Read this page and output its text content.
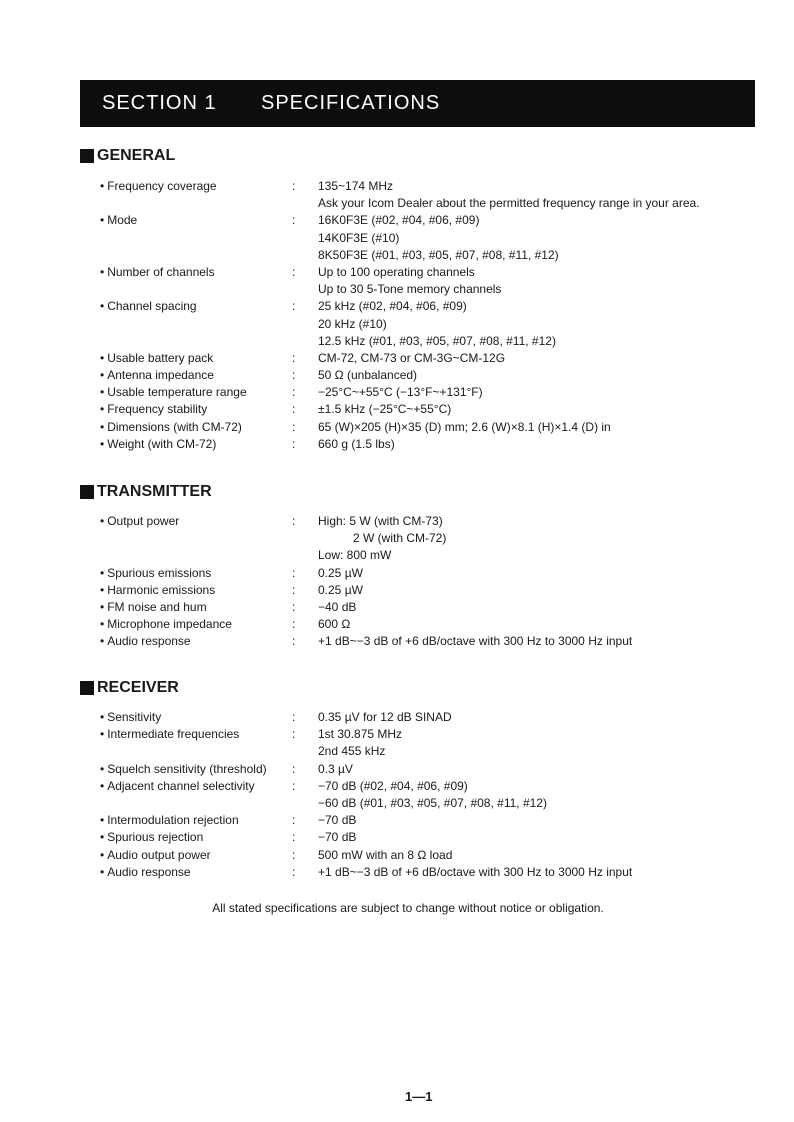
SECTION 1 SPECIFICATIONS
GENERAL
• Frequency coverage	: 135~174 MHz
Ask your Icom Dealer about the permitted frequency range in your area.
• Mode	: 16K0F3E (#02, #04, #06, #09)
14K0F3E (#10)
8K50F3E (#01, #03, #05, #07, #08, #11, #12)
• Number of channels	: Up to 100 operating channels
Up to 30 5-Tone memory channels
• Channel spacing	: 25 kHz (#02, #04, #06, #09)
20 kHz (#10)
12.5 kHz (#01, #03, #05, #07, #08, #11, #12)
• Usable battery pack	: CM-72, CM-73 or CM-3G~CM-12G
• Antenna impedance	: 50 Ω (unbalanced)
• Usable temperature range	: −25°C~+55°C (−13°F~+131°F)
• Frequency stability	: ±1.5 kHz (−25°C~+55°C)
• Dimensions (with CM-72)	: 65 (W)×205 (H)×35 (D) mm; 2.6 (W)×8.1 (H)×1.4 (D) in
• Weight (with CM-72)	: 660 g (1.5 lbs)
TRANSMITTER
• Output power	: High: 5 W (with CM-73)
2 W (with CM-72)
Low: 800 mW
• Spurious emissions	: 0.25 µW
• Harmonic emissions	: 0.25 µW
• FM noise and hum	: −40 dB
• Microphone impedance	: 600 Ω
• Audio response	: +1 dB~−3 dB of +6 dB/octave with 300 Hz to 3000 Hz input
RECEIVER
• Sensitivity	: 0.35 µV for 12 dB SINAD
• Intermediate frequencies	: 1st 30.875 MHz
2nd 455 kHz
• Squelch sensitivity (threshold) : 0.3 µV
• Adjacent channel selectivity	: −70 dB (#02, #04, #06, #09)
−60 dB (#01, #03, #05, #07, #08, #11, #12)
• Intermodulation rejection	: −70 dB
• Spurious rejection	: −70 dB
• Audio output power	: 500 mW with an 8 Ω load
• Audio response	: +1 dB~−3 dB of +6 dB/octave with 300 Hz to 3000 Hz input
All stated specifications are subject to change without notice or obligation.
1—1
